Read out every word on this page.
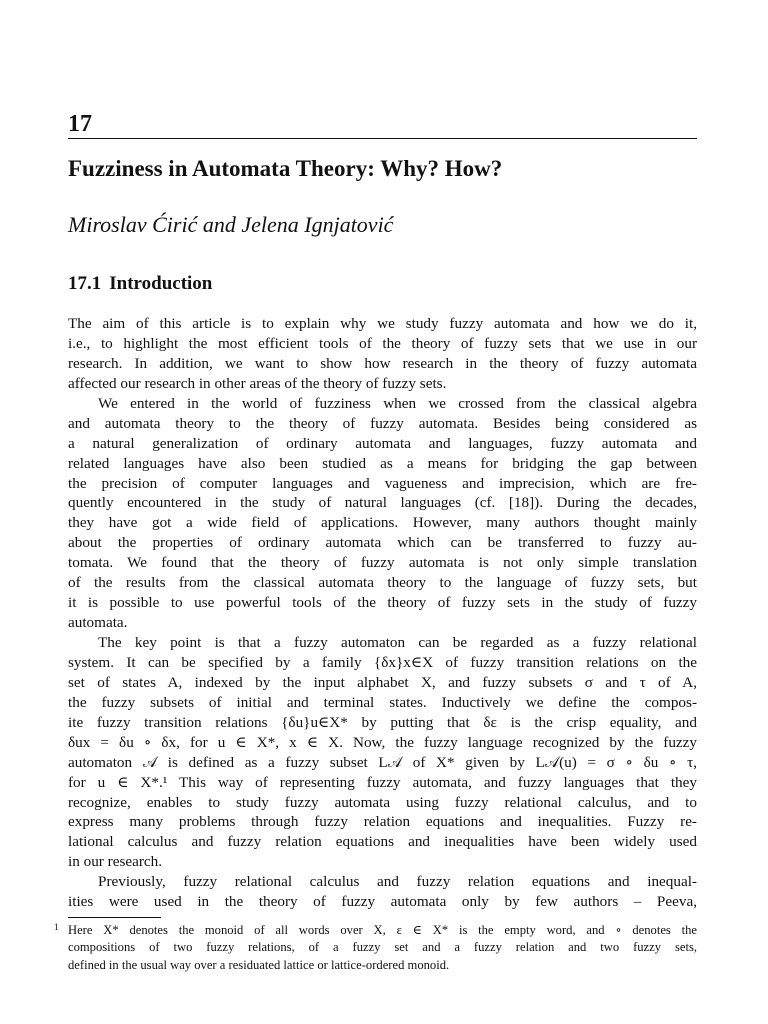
17
Fuzziness in Automata Theory: Why? How?
Miroslav Ćirić and Jelena Ignjatović
17.1 Introduction
The aim of this article is to explain why we study fuzzy automata and how we do it,
i.e., to highlight the most efficient tools of the theory of fuzzy sets that we use in our
research. In addition, we want to show how research in the theory of fuzzy automata
affected our research in other areas of the theory of fuzzy sets.
We entered in the world of fuzziness when we crossed from the classical algebra
and automata theory to the theory of fuzzy automata. Besides being considered as
a natural generalization of ordinary automata and languages, fuzzy automata and
related languages have also been studied as a means for bridging the gap between
the precision of computer languages and vagueness and imprecision, which are fre-
quently encountered in the study of natural languages (cf. [18]). During the decades,
they have got a wide field of applications. However, many authors thought mainly
about the properties of ordinary automata which can be transferred to fuzzy au-
tomata. We found that the theory of fuzzy automata is not only simple translation
of the results from the classical automata theory to the language of fuzzy sets, but
it is possible to use powerful tools of the theory of fuzzy sets in the study of fuzzy
automata.
The key point is that a fuzzy automaton can be regarded as a fuzzy relational
system. It can be specified by a family {δx}x∈X of fuzzy transition relations on the
set of states A, indexed by the input alphabet X, and fuzzy subsets σ and τ of A,
the fuzzy subsets of initial and terminal states. Inductively we define the compos-
ite fuzzy transition relations {δu}u∈X* by putting that δε is the crisp equality, and
δux = δu ∘ δx, for u ∈ X*, x ∈ X. Now, the fuzzy language recognized by the fuzzy
automaton 𝒜 is defined as a fuzzy subset L𝒜 of X* given by L𝒜(u) = σ ∘ δu ∘ τ,
for u ∈ X*.¹ This way of representing fuzzy automata, and fuzzy languages that they
recognize, enables to study fuzzy automata using fuzzy relational calculus, and to
express many problems through fuzzy relation equations and inequalities. Fuzzy re-
lational calculus and fuzzy relation equations and inequalities have been widely used
in our research.
Previously, fuzzy relational calculus and fuzzy relation equations and inequal-
ities were used in the theory of fuzzy automata only by few authors – Peeva,
1 Here X* denotes the monoid of all words over X, ε ∈ X* is the empty word, and ∘ denotes the
compositions of two fuzzy relations, of a fuzzy set and a fuzzy relation and two fuzzy sets,
defined in the usual way over a residuated lattice or lattice-ordered monoid.
